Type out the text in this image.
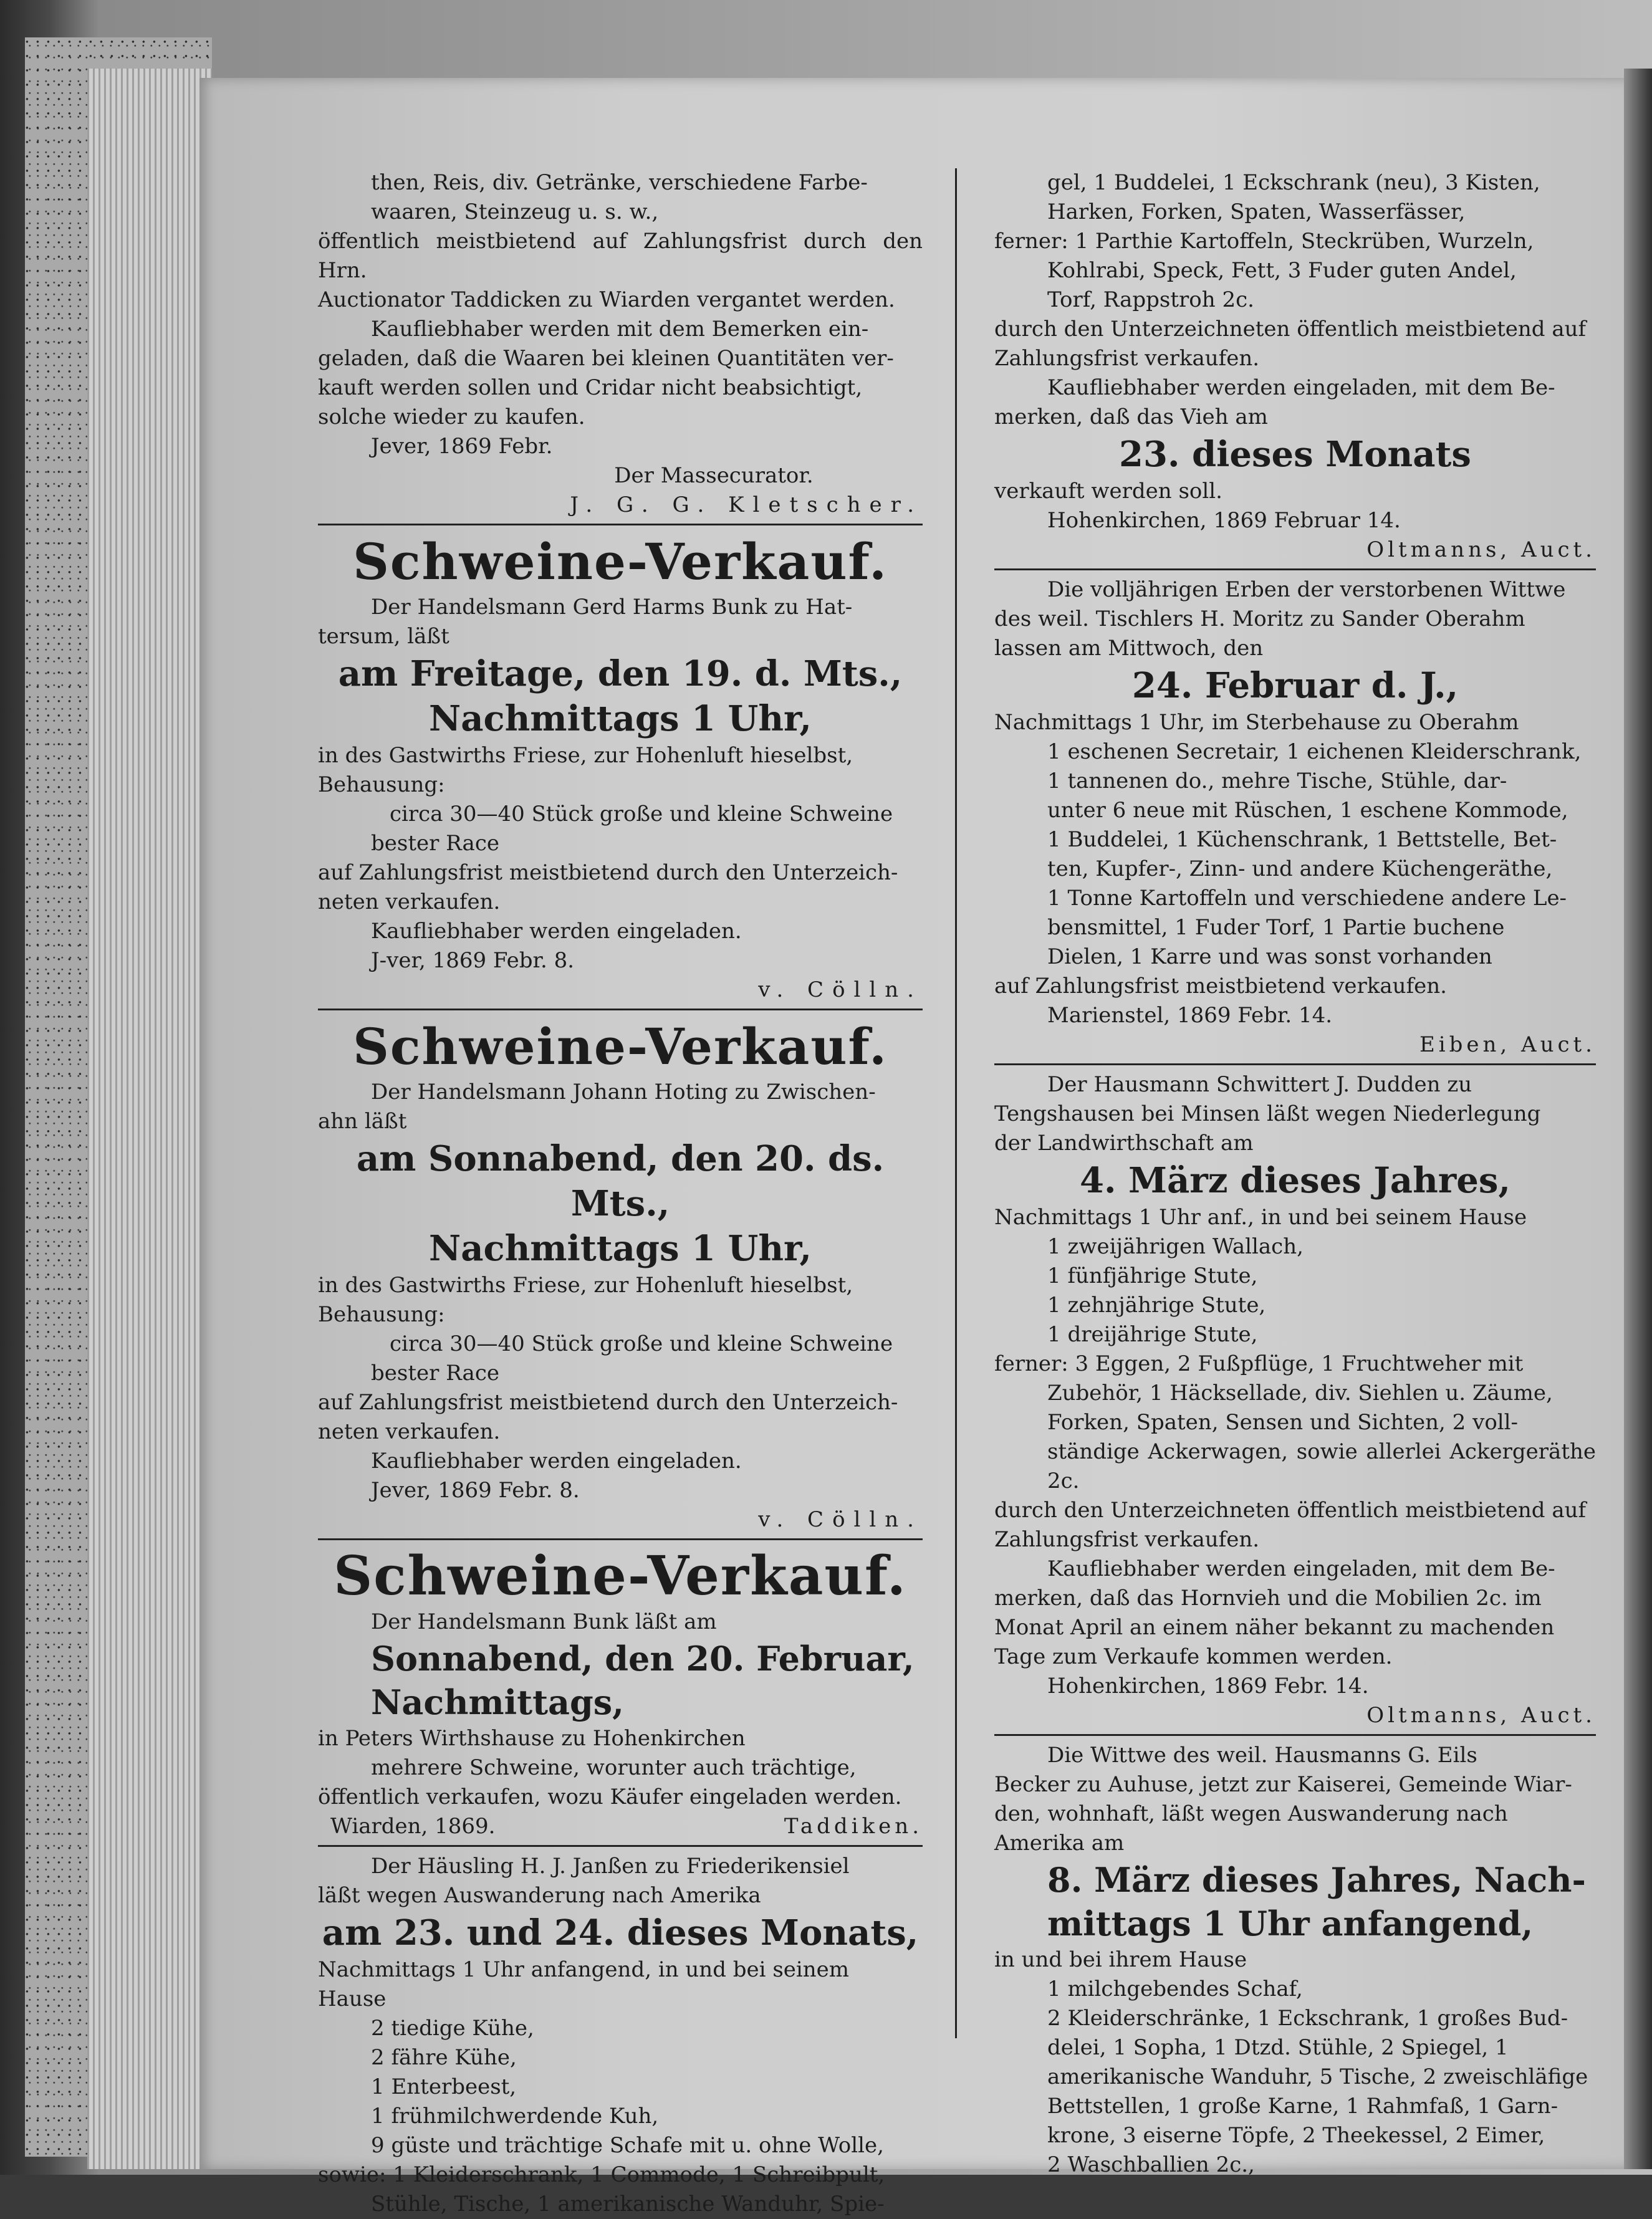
then, Reis, div. Getränke, verschiedene Farbe-

waaren, Steinzeug u. s. w.,

öffentlich meistbietend auf Zahlungsfrist durch den Hrn.

Auctionator Taddicken zu Wiarden vergantet werden.

Kaufliebhaber werden mit dem Bemerken ein-

geladen, daß die Waaren bei kleinen Quantitäten ver-

kauft werden sollen und Cridar nicht beabsichtigt,

solche wieder zu kaufen.

Jever, 1869 Febr.

Der Massecurator.

J. G. G. Kletscher.

Schweine-Verkauf.

Der Handelsmann Gerd Harms Bunk zu Hat-

tersum, läßt

am Freitage, den 19. d. Mts.,

Nachmittags 1 Uhr,

in des Gastwirths Friese, zur Hohenluft hieselbst,

Behausung:

circa 30—40 Stück große und kleine Schweine

bester Race

auf Zahlungsfrist meistbietend durch den Unterzeich-

neten verkaufen.

Kaufliebhaber werden eingeladen.

J-ver, 1869 Febr. 8.

v. Cölln.

Schweine-Verkauf.

Der Handelsmann Johann Hoting zu Zwischen-

ahn läßt

am Sonnabend, den 20. ds. Mts.,

Nachmittags 1 Uhr,

in des Gastwirths Friese, zur Hohenluft hieselbst,

Behausung:

circa 30—40 Stück große und kleine Schweine

bester Race

auf Zahlungsfrist meistbietend durch den Unterzeich-

neten verkaufen.

Kaufliebhaber werden eingeladen.

Jever, 1869 Febr. 8.

v. Cölln.

Schweine-Verkauf.

Der Handelsmann Bunk läßt am

Sonnabend, den 20. Februar,

Nachmittags,

in Peters Wirthshause zu Hohenkirchen

mehrere Schweine, worunter auch trächtige,

öffentlich verkaufen, wozu Käufer eingeladen werden.

Wiarden, 1869.	Taddiken.

Der Häusling H. J. Janßen zu Friederikensiel

läßt wegen Auswanderung nach Amerika

am 23. und 24. dieses Monats,

Nachmittags 1 Uhr anfangend, in und bei seinem

Hause

2 tiedige Kühe,

2 fähre Kühe,

1 Enterbeest,

1 frühmilchwerdende Kuh,

9 güste und trächtige Schafe mit u. ohne Wolle,

sowie: 1 Kleiderschrank, 1 Commode, 1 Schreibpult,

Stühle, Tische, 1 amerikanische Wanduhr, Spie-

gel, 1 Buddelei, 1 Eckschrank (neu), 3 Kisten,

Harken, Forken, Spaten, Wasserfässer,

ferner: 1 Parthie Kartoffeln, Steckrüben, Wurzeln,

Kohlrabi, Speck, Fett, 3 Fuder guten Andel,

Torf, Rappstroh 2c.

durch den Unterzeichneten öffentlich meistbietend auf

Zahlungsfrist verkaufen.

Kaufliebhaber werden eingeladen, mit dem Be-

merken, daß das Vieh am

23. dieses Monats

verkauft werden soll.

Hohenkirchen, 1869 Februar 14.

Oltmanns, Auct.

Die volljährigen Erben der verstorbenen Wittwe

des weil. Tischlers H. Moritz zu Sander Oberahm

lassen am Mittwoch, den

24. Februar d. J.,

Nachmittags 1 Uhr, im Sterbehause zu Oberahm

1 eschenen Secretair, 1 eichenen Kleiderschrank,

1 tannenen do., mehre Tische, Stühle, dar-

unter 6 neue mit Rüschen, 1 eschene Kommode,

1 Buddelei, 1 Küchenschrank, 1 Bettstelle, Bet-

ten, Kupfer-, Zinn- und andere Küchengeräthe,

1 Tonne Kartoffeln und verschiedene andere Le-

bensmittel, 1 Fuder Torf, 1 Partie buchene

Dielen, 1 Karre und was sonst vorhanden

auf Zahlungsfrist meistbietend verkaufen.

Marienstel, 1869 Febr. 14.

Eiben, Auct.

Der Hausmann Schwittert J. Dudden zu

Tengshausen bei Minsen läßt wegen Niederlegung

der Landwirthschaft am

4. März dieses Jahres,

Nachmittags 1 Uhr anf., in und bei seinem Hause

1 zweijährigen Wallach,

1 fünfjährige Stute,

1 zehnjährige Stute,

1 dreijährige Stute,

ferner: 3 Eggen, 2 Fußpflüge, 1 Fruchtweher mit

Zubehör, 1 Häcksellade, div. Siehlen u. Zäume,

Forken, Spaten, Sensen und Sichten, 2 voll-

ständige Ackerwagen, sowie allerlei Ackergeräthe 2c.

durch den Unterzeichneten öffentlich meistbietend auf

Zahlungsfrist verkaufen.

Kaufliebhaber werden eingeladen, mit dem Be-

merken, daß das Hornvieh und die Mobilien 2c. im

Monat April an einem näher bekannt zu machenden

Tage zum Verkaufe kommen werden.

Hohenkirchen, 1869 Febr. 14.

Oltmanns, Auct.

Die Wittwe des weil. Hausmanns G. Eils

Becker zu Auhuse, jetzt zur Kaiserei, Gemeinde Wiar-

den, wohnhaft, läßt wegen Auswanderung nach

Amerika am

8. März dieses Jahres, Nach-

mittags 1 Uhr anfangend,

in und bei ihrem Hause

1 milchgebendes Schaf,

2 Kleiderschränke, 1 Eckschrank, 1 großes Bud-

delei, 1 Sopha, 1 Dtzd. Stühle, 2 Spiegel, 1

amerikanische Wanduhr, 5 Tische, 2 zweischläfige

Bettstellen, 1 große Karne, 1 Rahmfaß, 1 Garn-

krone, 3 eiserne Töpfe, 2 Theekessel, 2 Eimer,

2 Waschballien 2c.,
